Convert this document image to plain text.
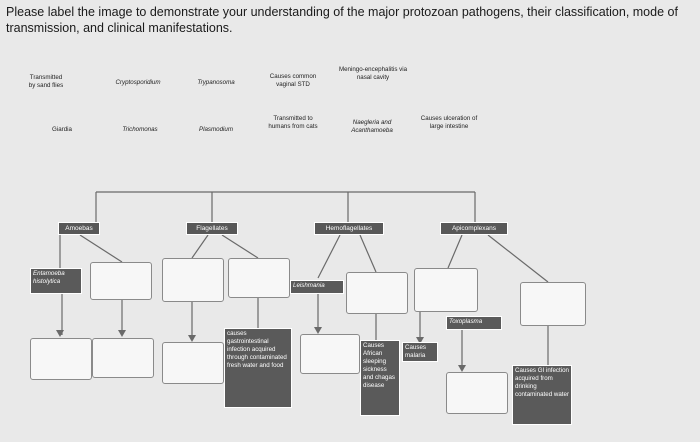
Please label the image to demonstrate your understanding of the major protozoan pathogens, their classification, mode of transmission, and clinical manifestations.
Transmitted by sand flies	Cryptosporidium	Trypanosoma
Causes common vaginal STD
Meningo-encephalitis via nasal cavity
Giardia	Trichomonas	Plasmodium
Transmitted to humans from cats
Naegleria and Acanthamoeba
Causes ulceration of large intestine
Amoebas	Flagellates	Hemoflagellates	Apicomplexans
Entamoeba histolytica
Leishmania
Toxoplasma
causes gastrointestinal infection acquired through contaminated fresh water and food
Causes African sleeping sickness and chagas disease
Causes malaria
Causes GI infection acquired from drinking contaminated water
